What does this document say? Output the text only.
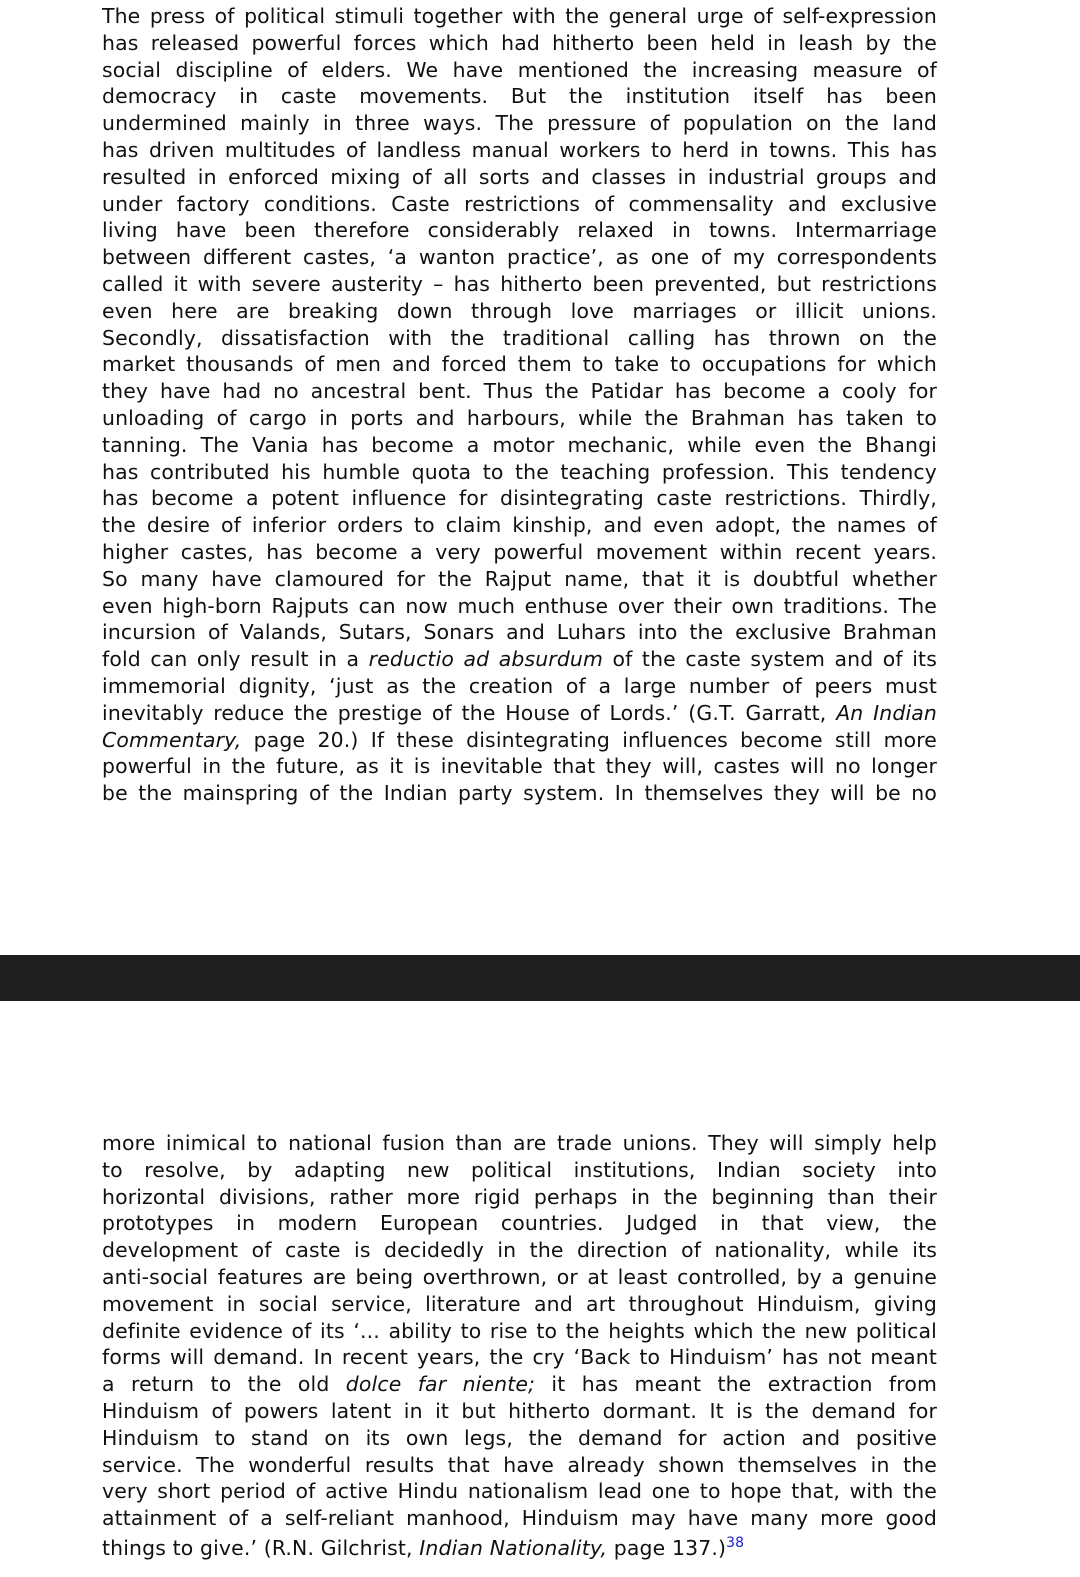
The press of political stimuli together with the general urge of self-expression
has released powerful forces which had hitherto been held in leash by the
social discipline of elders. We have mentioned the increasing measure of
democracy in caste movements. But the institution itself has been
undermined mainly in three ways. The pressure of population on the land
has driven multitudes of landless manual workers to herd in towns. This has
resulted in enforced mixing of all sorts and classes in industrial groups and
under factory conditions. Caste restrictions of commensality and exclusive
living have been therefore considerably relaxed in towns. Intermarriage
between different castes, ‘a wanton practice’, as one of my correspondents
called it with severe austerity – has hitherto been prevented, but restrictions
even here are breaking down through love marriages or illicit unions.
Secondly, dissatisfaction with the traditional calling has thrown on the
market thousands of men and forced them to take to occupations for which
they have had no ancestral bent. Thus the Patidar has become a cooly for
unloading of cargo in ports and harbours, while the Brahman has taken to
tanning. The Vania has become a motor mechanic, while even the Bhangi
has contributed his humble quota to the teaching profession. This tendency
has become a potent influence for disintegrating caste restrictions. Thirdly,
the desire of inferior orders to claim kinship, and even adopt, the names of
higher castes, has become a very powerful movement within recent years.
So many have clamoured for the Rajput name, that it is doubtful whether
even high-born Rajputs can now much enthuse over their own traditions. The
incursion of Valands, Sutars, Sonars and Luhars into the exclusive Brahman
fold can only result in a reductio ad absurdum of the caste system and of its
immemorial dignity, ‘just as the creation of a large number of peers must
inevitably reduce the prestige of the House of Lords.’ (G.T. Garratt, An Indian
Commentary, page 20.) If these disintegrating influences become still more
powerful in the future, as it is inevitable that they will, castes will no longer
be the mainspring of the Indian party system. In themselves they will be no
more inimical to national fusion than are trade unions. They will simply help
to resolve, by adapting new political institutions, Indian society into
horizontal divisions, rather more rigid perhaps in the beginning than their
prototypes in modern European countries. Judged in that view, the
development of caste is decidedly in the direction of nationality, while its
anti-social features are being overthrown, or at least controlled, by a genuine
movement in social service, literature and art throughout Hinduism, giving
definite evidence of its ‘... ability to rise to the heights which the new political
forms will demand. In recent years, the cry ‘Back to Hinduism’ has not meant
a return to the old dolce far niente; it has meant the extraction from
Hinduism of powers latent in it but hitherto dormant. It is the demand for
Hinduism to stand on its own legs, the demand for action and positive
service. The wonderful results that have already shown themselves in the
very short period of active Hindu nationalism lead one to hope that, with the
attainment of a self-reliant manhood, Hinduism may have many more good
things to give.’ (R.N. Gilchrist, Indian Nationality, page 137.)$^{38}$
